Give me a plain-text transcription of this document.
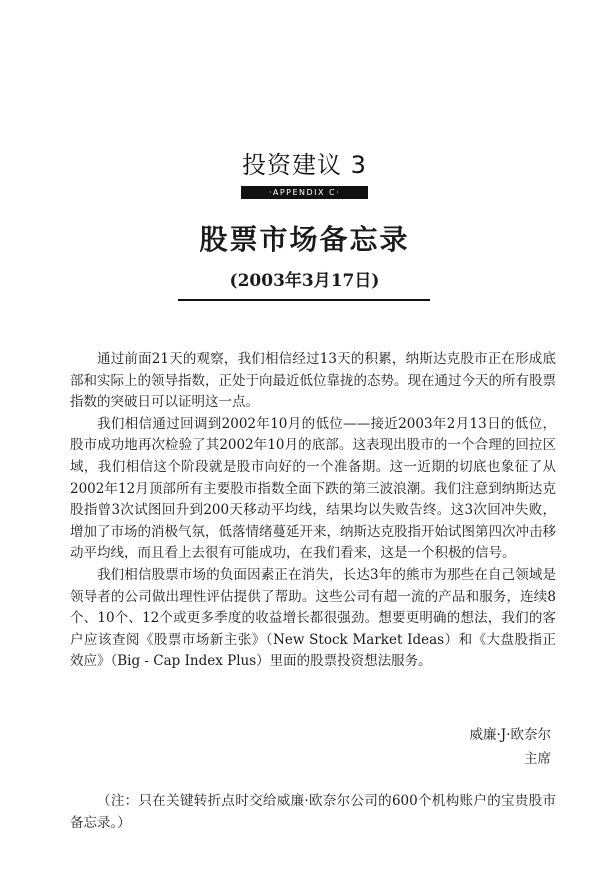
投资建议 3
·APPENDIX C·
股票市场备忘录
(2003年3月17日)

通过前面21天的观察，我们相信经过13天的积累，纳斯达克股市正在形成底部和实际上的领导指数，正处于向最近低位靠拢的态势。现在通过今天的所有股票指数的突破日可以证明这一点。

我们相信通过回调到2002年10月的低位——接近2003年2月13日的低位，股市成功地再次检验了其2002年10月的底部。这表现出股市的一个合理的回拉区域，我们相信这个阶段就是股市向好的一个准备期。这一近期的切底也象征了从2002年12月顶部所有主要股市指数全面下跌的第三波浪潮。我们注意到纳斯达克股指曾3次试图回升到200天移动平均线，结果均以失败告终。这3次回冲失败，增加了市场的消极气氛，低落情绪蔓延开来，纳斯达克股指开始试图第四次冲击移动平均线，而且看上去很有可能成功，在我们看来，这是一个积极的信号。

我们相信股票市场的负面因素正在消失，长达3年的熊市为那些在自己领域是领导者的公司做出理性评估提供了帮助。这些公司有超一流的产品和服务，连续8个、10个、12个或更多季度的收益增长都很强劲。想要更明确的想法，我们的客户应该查阅《股票市场新主张》（New Stock Market Ideas）和《大盘股指正效应》（Big - Cap Index Plus）里面的股票投资想法服务。

威廉·J·欧奈尔
主席

（注：只在关键转折点时交给威廉·欧奈尔公司的600个机构账户的宝贵股市备忘录。）
